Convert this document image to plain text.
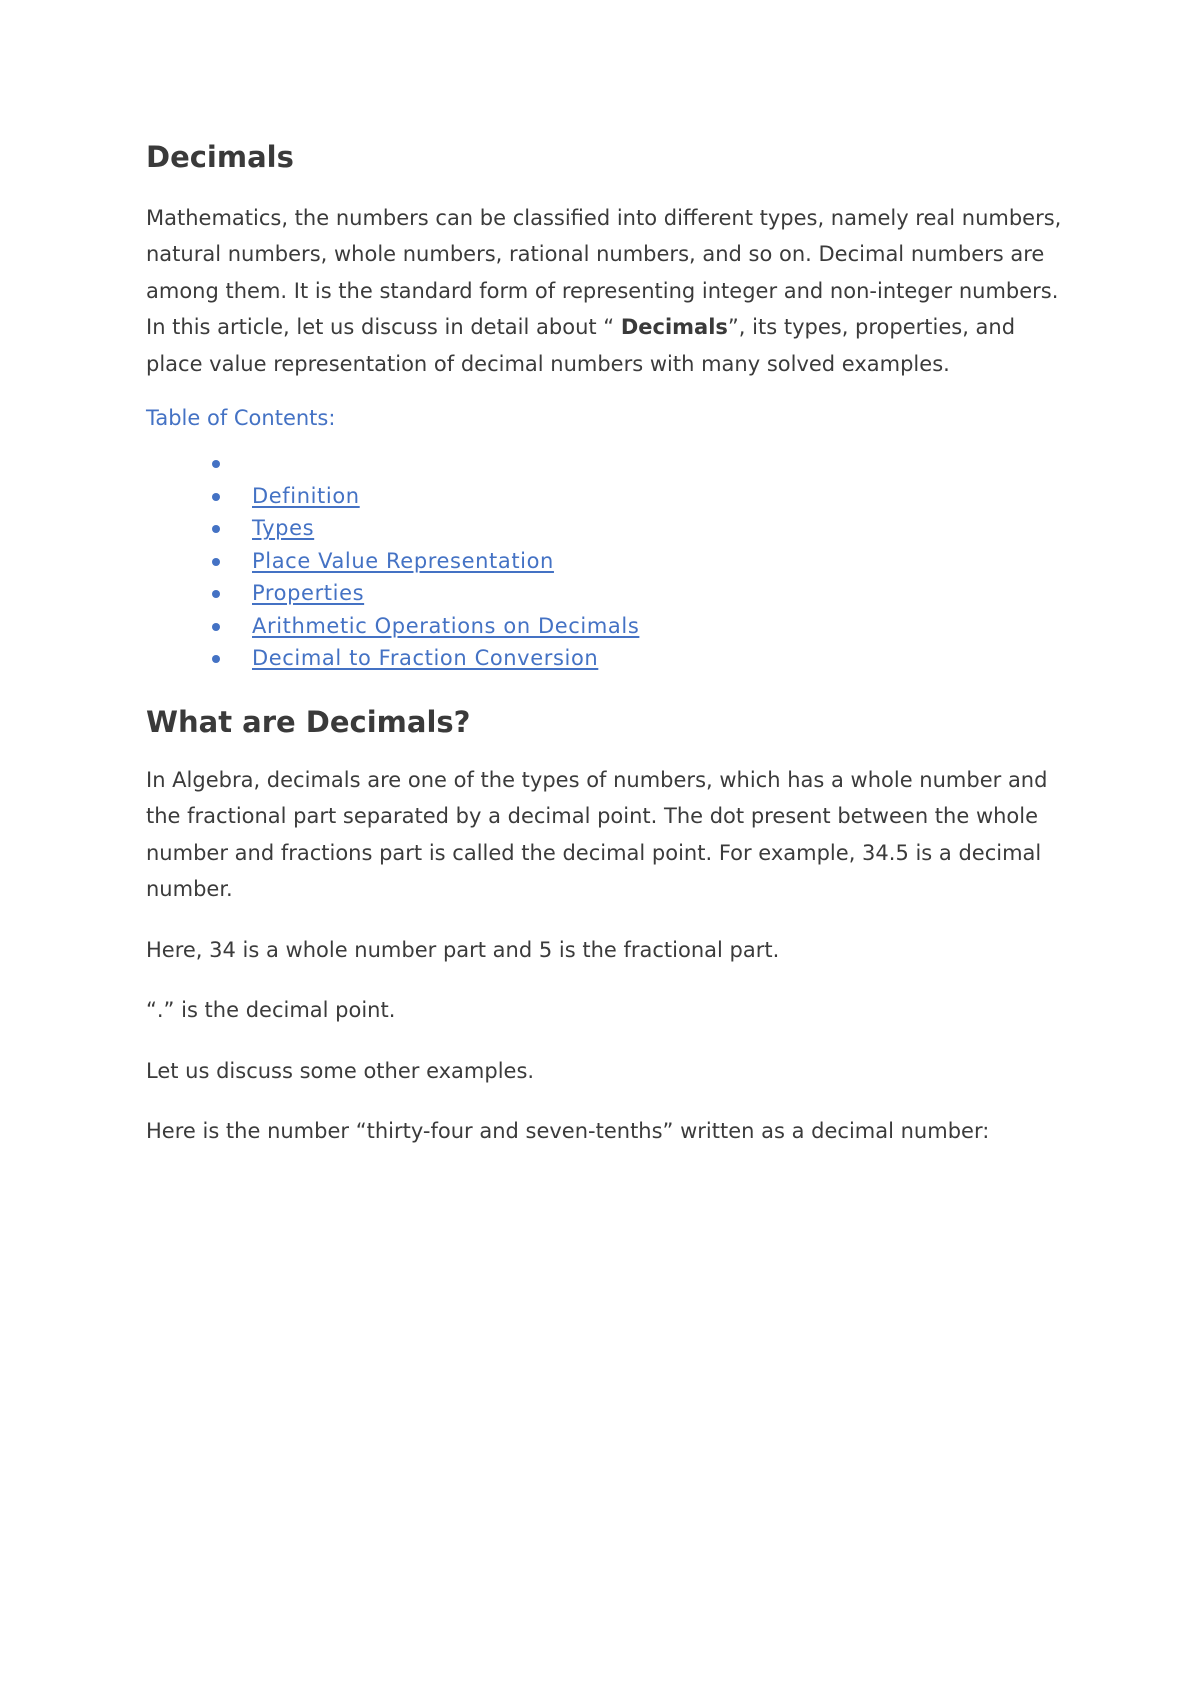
Decimals

Mathematics, the numbers can be classified into different types, namely real numbers, natural numbers, whole numbers, rational numbers, and so on. Decimal numbers are among them. It is the standard form of representing integer and non-integer numbers. In this article, let us discuss in detail about “ Decimals”, its types, properties, and place value representation of decimal numbers with many solved examples.

Table of Contents:

Definition
Types
Place Value Representation
Properties
Arithmetic Operations on Decimals
Decimal to Fraction Conversion
What are Decimals?

In Algebra, decimals are one of the types of numbers, which has a whole number and the fractional part separated by a decimal point. The dot present between the whole number and fractions part is called the decimal point. For example, 34.5 is a decimal number.

Here, 34 is a whole number part and 5 is the fractional part.

“.” is the decimal point.

Let us discuss some other examples.

Here is the number “thirty-four and seven-tenths” written as a decimal number:
